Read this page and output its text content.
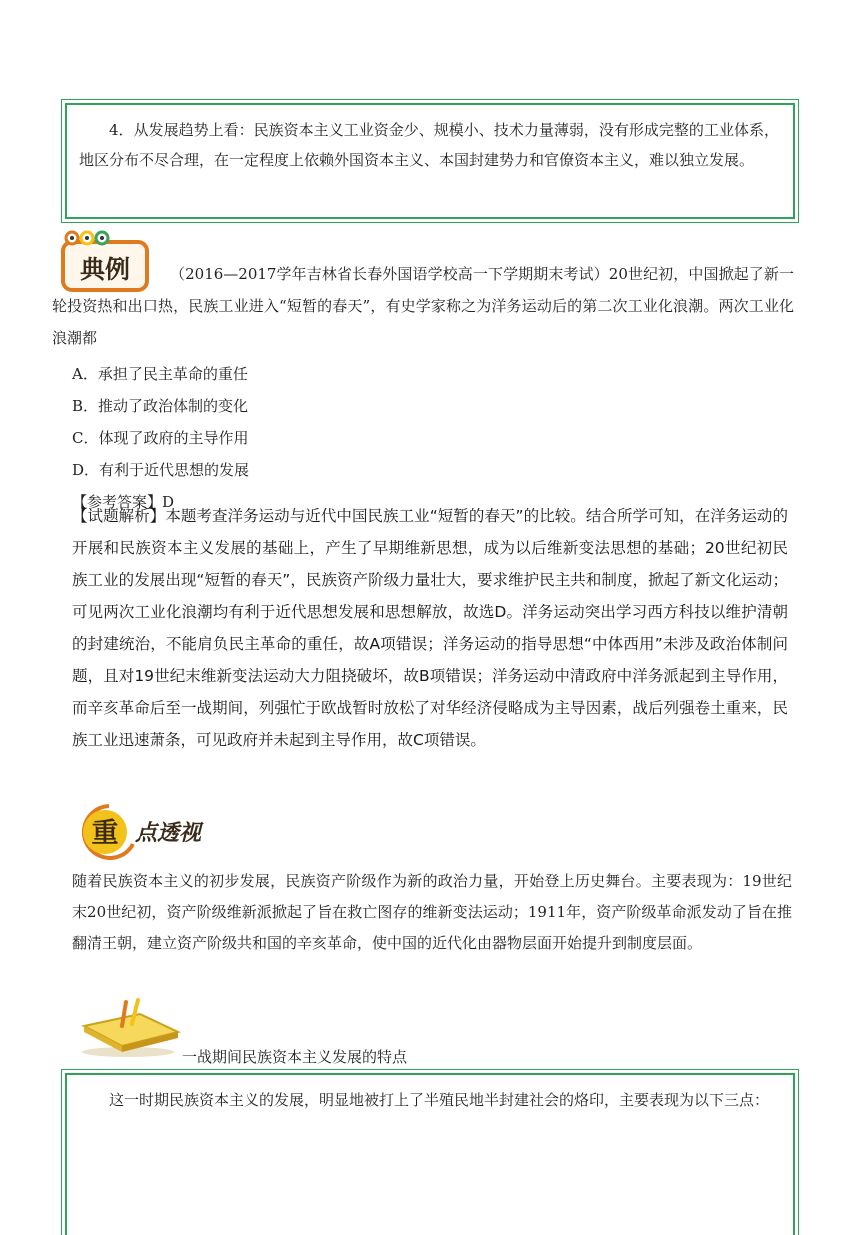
4．从发展趋势上看：民族资本主义工业资金少、规模小、技术力量薄弱，没有形成完整的工业体系，地区分布不尽合理，在一定程度上依赖外国资本主义、本国封建势力和官僚资本主义，难以独立发展。
典例	（2016—2017学年吉林省长春外国语学校高一下学期期末考试）20世纪初，中国掀起了新一轮投资热和出口热，民族工业进入“短暂的春天”，有史学家称之为洋务运动后的第二次工业化浪潮。两次工业化浪潮都
A．承担了民主革命的重任
B．推动了政治体制的变化
C．体现了政府的主导作用
D．有利于近代思想的发展
【参考答案】D
【试题解析】本题考查洋务运动与近代中国民族工业“短暂的春天”的比较。结合所学可知，在洋务运动的开展和民族资本主义发展的基础上，产生了早期维新思想，成为以后维新变法思想的基础；20世纪初民族工业的发展出现“短暂的春天”，民族资产阶级力量壮大，要求维护民主共和制度，掀起了新文化运动；可见两次工业化浪潮均有利于近代思想发展和思想解放，故选D。洋务运动突出学习西方科技以维护清朝的封建统治，不能肩负民主革命的重任，故A项错误；洋务运动的指导思想“中体西用”未涉及政治体制问题，且对19世纪末维新变法运动大力阻挠破坏，故B项错误；洋务运动中清政府中洋务派起到主导作用，而辛亥革命后至一战期间，列强忙于欧战暂时放松了对华经济侵略成为主导因素，战后列强卷土重来，民族工业迅速萧条，可见政府并未起到主导作用，故C项错误。
重 点透视
随着民族资本主义的初步发展，民族资产阶级作为新的政治力量，开始登上历史舞台。主要表现为：19世纪末20世纪初，资产阶级维新派掀起了旨在救亡图存的维新变法运动；1911年，资产阶级革命派发动了旨在推翻清王朝，建立资产阶级共和国的辛亥革命，使中国的近代化由器物层面开始提升到制度层面。
一战期间民族资本主义发展的特点
这一时期民族资本主义的发展，明显地被打上了半殖民地半封建社会的烙印，主要表现为以下三点：
